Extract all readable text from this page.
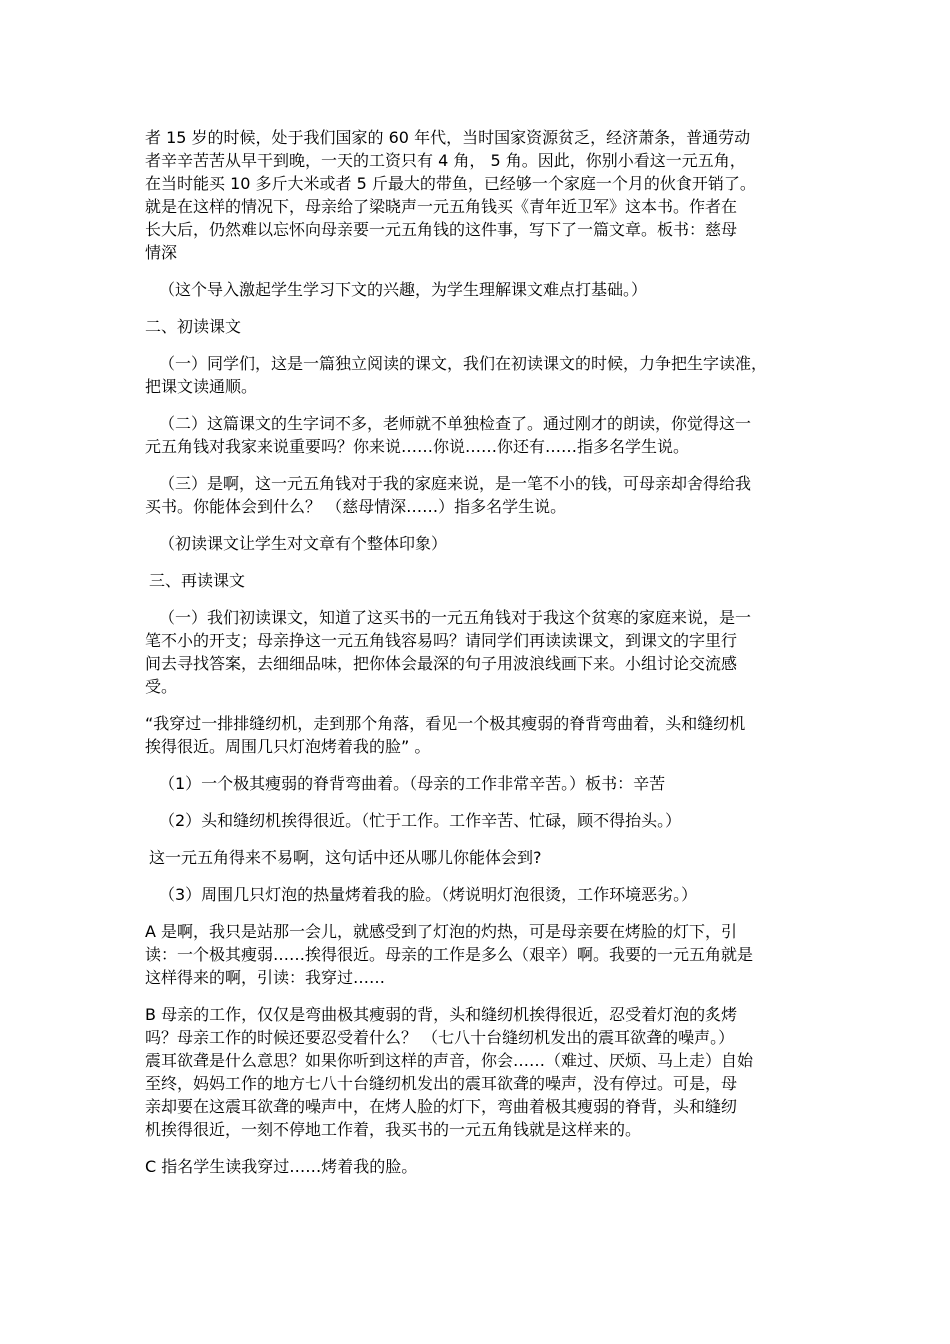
者 15 岁的时候，处于我们国家的 60 年代，当时国家资源贫乏，经济萧条，普通劳动
者辛辛苦苦从早干到晚，一天的工资只有 4 角， 5 角。因此，你别小看这一元五角，
在当时能买 10 多斤大米或者 5 斤最大的带鱼，已经够一个家庭一个月的伙食开销了。
就是在这样的情况下，母亲给了梁晓声一元五角钱买《青年近卫军》这本书。作者在
长大后，仍然难以忘怀向母亲要一元五角钱的这件事，写下了一篇文章。板书：慈母
情深
（这个导入激起学生学习下文的兴趣，为学生理解课文难点打基础。）
二、初读课文
（一）同学们，这是一篇独立阅读的课文，我们在初读课文的时候，力争把生字读准，
把课文读通顺。
（二）这篇课文的生字词不多，老师就不单独检查了。通过刚才的朗读，你觉得这一
元五角钱对我家来说重要吗？你来说……你说……你还有……指多名学生说。
（三）是啊，这一元五角钱对于我的家庭来说，是一笔不小的钱，可母亲却舍得给我
买书。你能体会到什么？ （慈母情深……）指多名学生说。
（初读课文让学生对文章有个整体印象）
三、再读课文
（一）我们初读课文，知道了这买书的一元五角钱对于我这个贫寒的家庭来说，是一
笔不小的开支；母亲挣这一元五角钱容易吗？请同学们再读读课文，到课文的字里行
间去寻找答案，去细细品味，把你体会最深的句子用波浪线画下来。小组讨论交流感
受。
“我穿过一排排缝纫机，走到那个角落，看见一个极其瘦弱的脊背弯曲着，头和缝纫机
挨得很近。周围几只灯泡烤着我的脸” 。
（1）一个极其瘦弱的脊背弯曲着。（母亲的工作非常辛苦。）板书：辛苦
（2）头和缝纫机挨得很近。（忙于工作。工作辛苦、忙碌，顾不得抬头。）
这一元五角得来不易啊，这句话中还从哪儿你能体会到?
（3）周围几只灯泡的热量烤着我的脸。（烤说明灯泡很烫，工作环境恶劣。）
A 是啊，我只是站那一会儿，就感受到了灯泡的灼热，可是母亲要在烤脸的灯下，引
读：一个极其瘦弱……挨得很近。母亲的工作是多么（艰辛）啊。我要的一元五角就是
这样得来的啊，引读：我穿过……
B 母亲的工作，仅仅是弯曲极其瘦弱的背，头和缝纫机挨得很近，忍受着灯泡的炙烤
吗？母亲工作的时候还要忍受着什么？ （七八十台缝纫机发出的震耳欲聋的噪声。）
震耳欲聋是什么意思？如果你听到这样的声音，你会……（难过、厌烦、马上走）自始
至终，妈妈工作的地方七八十台缝纫机发出的震耳欲聋的噪声，没有停过。可是，母
亲却要在这震耳欲聋的噪声中，在烤人脸的灯下，弯曲着极其瘦弱的脊背，头和缝纫
机挨得很近，一刻不停地工作着，我买书的一元五角钱就是这样来的。
C 指名学生读我穿过……烤着我的脸。
